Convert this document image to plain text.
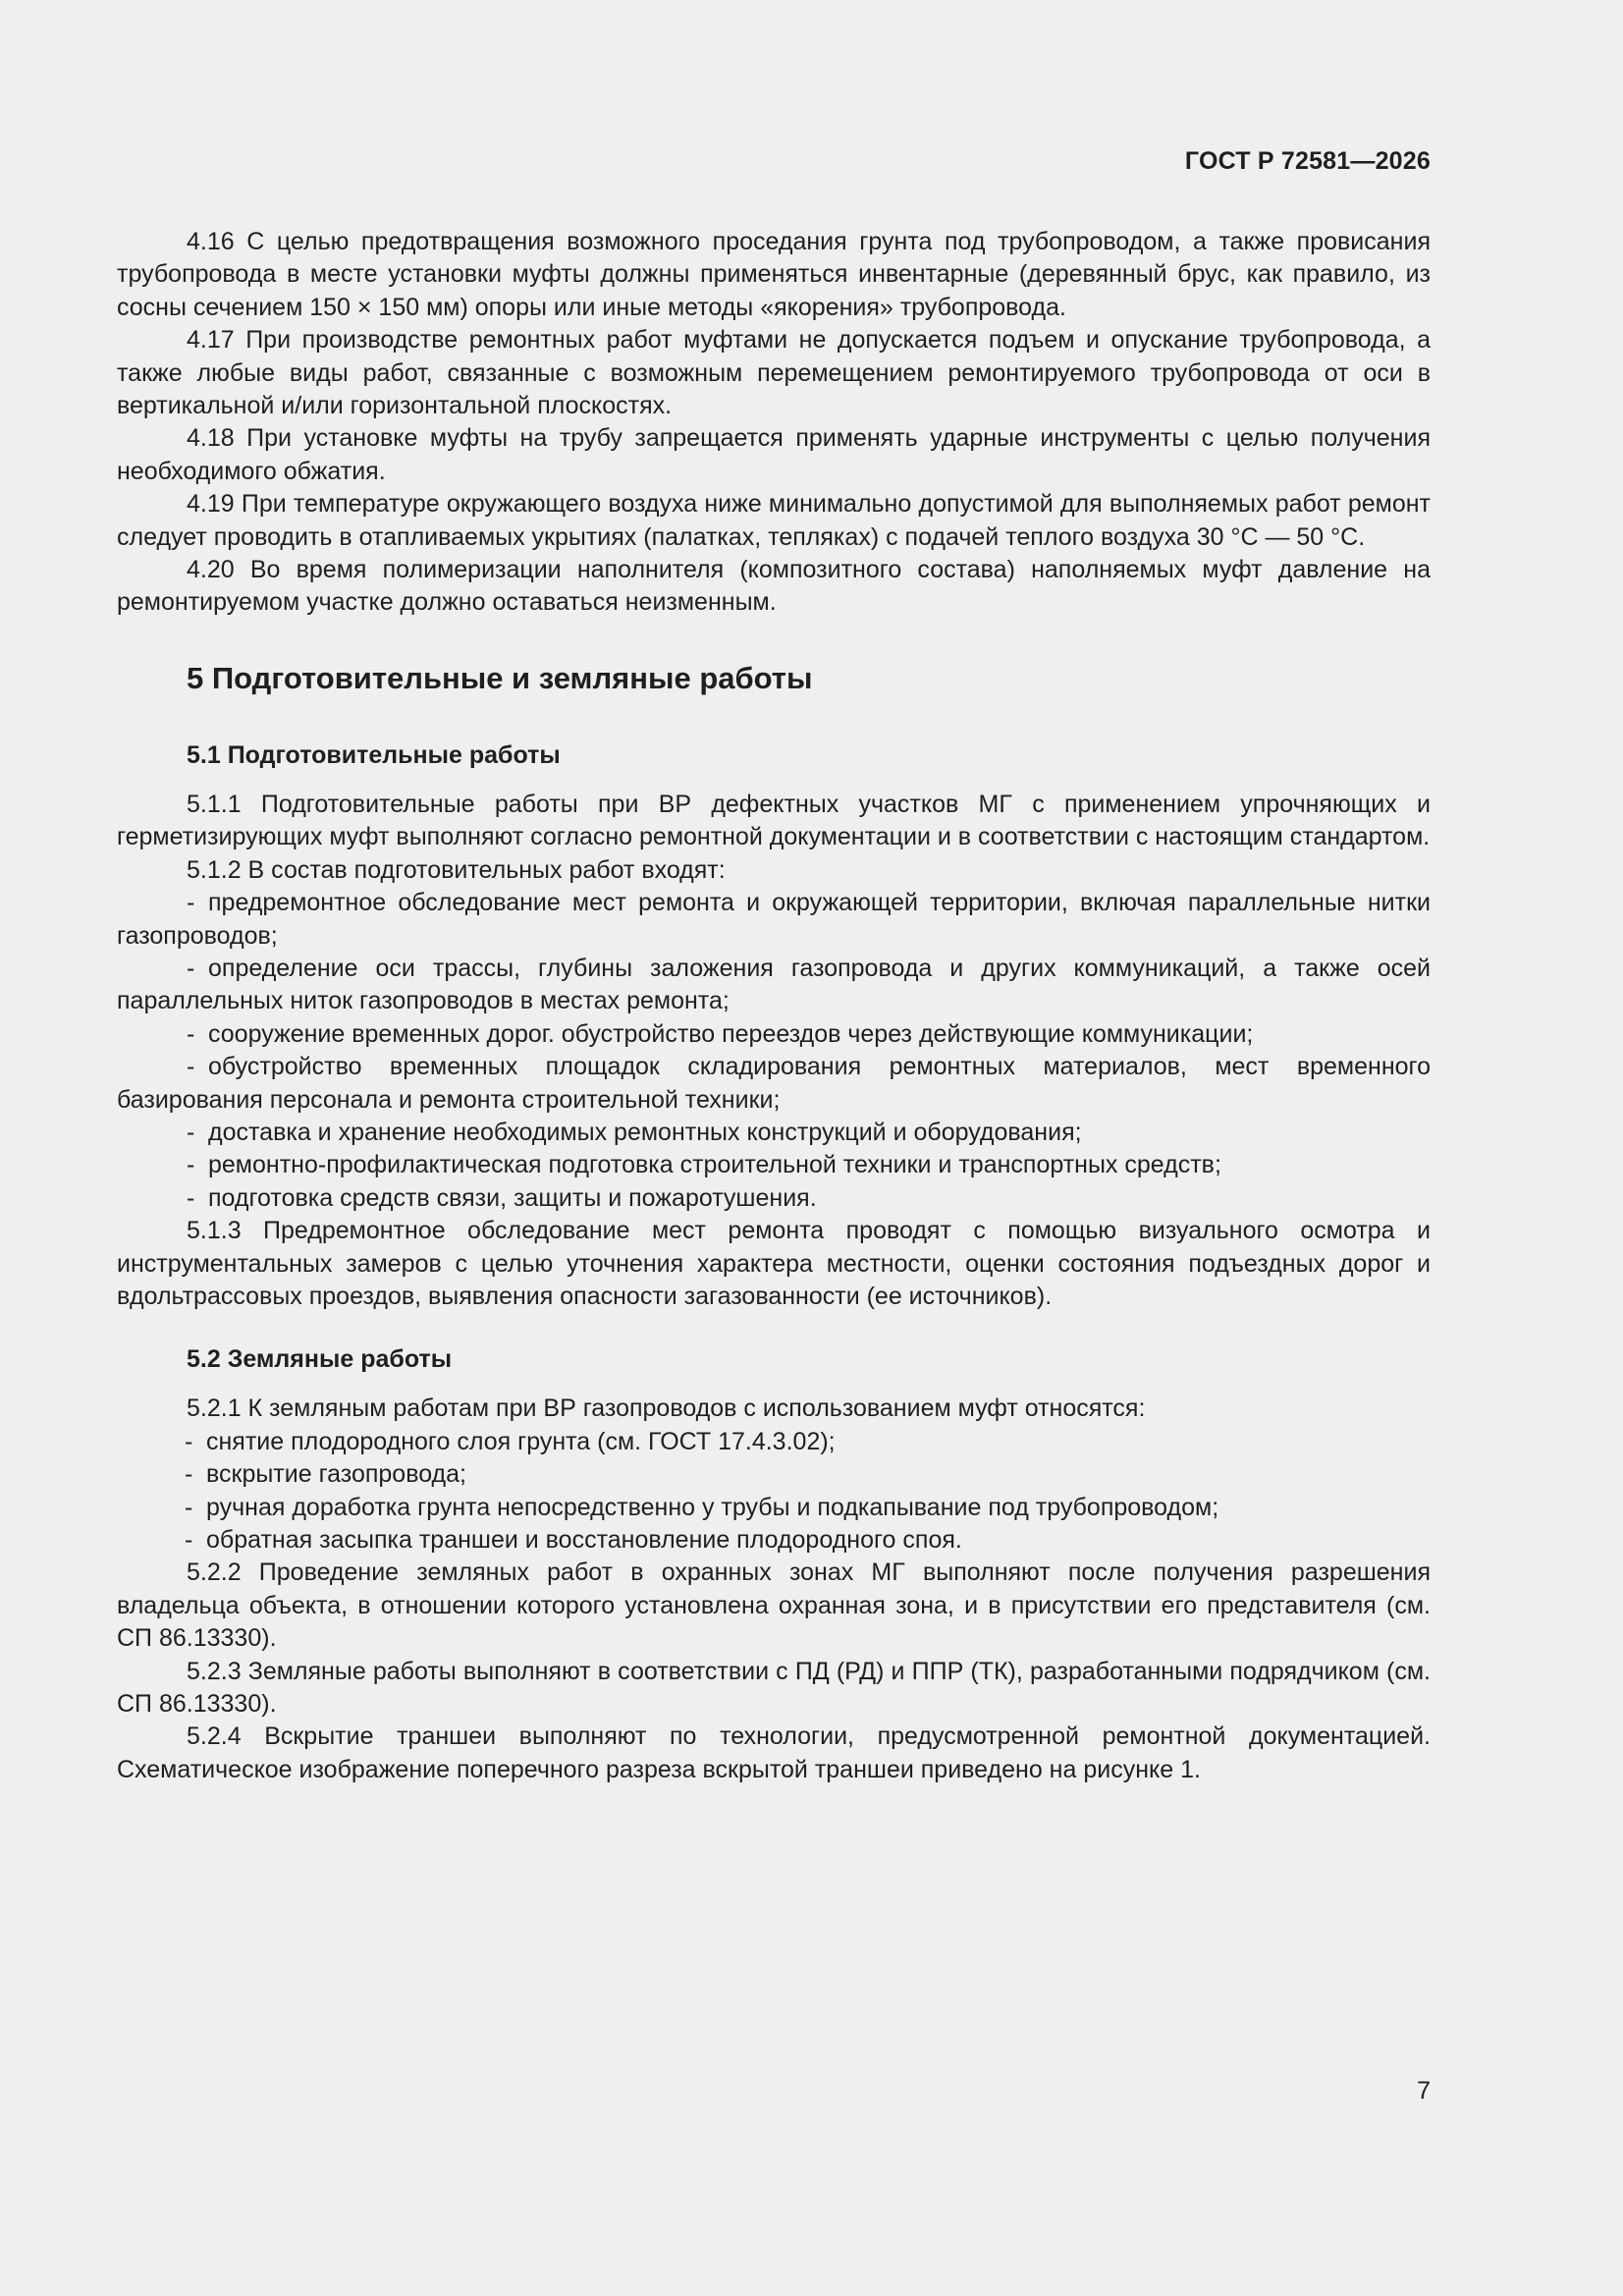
ГОСТ Р 72581—2026

4.16 С целью предотвращения возможного проседания грунта под трубопроводом, а также провисания трубопровода в месте установки муфты должны применяться инвентарные (деревянный брус, как правило, из сосны сечением 150 × 150 мм) опоры или иные методы «якорения» трубопровода.

4.17 При производстве ремонтных работ муфтами не допускается подъем и опускание трубопровода, а также любые виды работ, связанные с возможным перемещением ремонтируемого трубопровода от оси в вертикальной и/или горизонтальной плоскостях.

4.18 При установке муфты на трубу запрещается применять ударные инструменты с целью получения необходимого обжатия.

4.19 При температуре окружающего воздуха ниже минимально допустимой для выполняемых работ ремонт следует проводить в отапливаемых укрытиях (палатках, тепляках) с подачей теплого воздуха 30 °С — 50 °С.

4.20 Во время полимеризации наполнителя (композитного состава) наполняемых муфт давление на ремонтируемом участке должно оставаться неизменным.

5 Подготовительные и земляные работы
5.1 Подготовительные работы

5.1.1 Подготовительные работы при ВР дефектных участков МГ с применением упрочняющих и герметизирующих муфт выполняют согласно ремонтной документации и в соответствии с настоящим стандартом.

5.1.2 В состав подготовительных работ входят:

- предремонтное обследование мест ремонта и окружающей территории, включая параллельные нитки газопроводов;

- определение оси трассы, глубины заложения газопровода и других коммуникаций, а также осей параллельных ниток газопроводов в местах ремонта;

- сооружение временных дорог. обустройство переездов через действующие коммуникации;

- обустройство временных площадок складирования ремонтных материалов, мест временного базирования персонала и ремонта строительной техники;

- доставка и хранение необходимых ремонтных конструкций и оборудования;

- ремонтно-профилактическая подготовка строительной техники и транспортных средств;

- подготовка средств связи, защиты и пожаротушения.

5.1.3 Предремонтное обследование мест ремонта проводят с помощью визуального осмотра и инструментальных замеров с целью уточнения характера местности, оценки состояния подъездных дорог и вдольтрассовых проездов, выявления опасности загазованности (ее источников).

5.2 Земляные работы

5.2.1 К земляным работам при ВР газопроводов с использованием муфт относятся:

- снятие плодородного слоя грунта (см. ГОСТ 17.4.3.02);

- вскрытие газопровода;

- ручная доработка грунта непосредственно у трубы и подкапывание под трубопроводом;

- обратная засыпка траншеи и восстановление плодородного споя.

5.2.2 Проведение земляных работ в охранных зонах МГ выполняют после получения разрешения владельца объекта, в отношении которого установлена охранная зона, и в присутствии его представителя (см. СП 86.13330).

5.2.3 Земляные работы выполняют в соответствии с ПД (РД) и ППР (ТК), разработанными подрядчиком (см. СП 86.13330).

5.2.4 Вскрытие траншеи выполняют по технологии, предусмотренной ремонтной документацией. Схематическое изображение поперечного разреза вскрытой траншеи приведено на рисунке 1.

7
